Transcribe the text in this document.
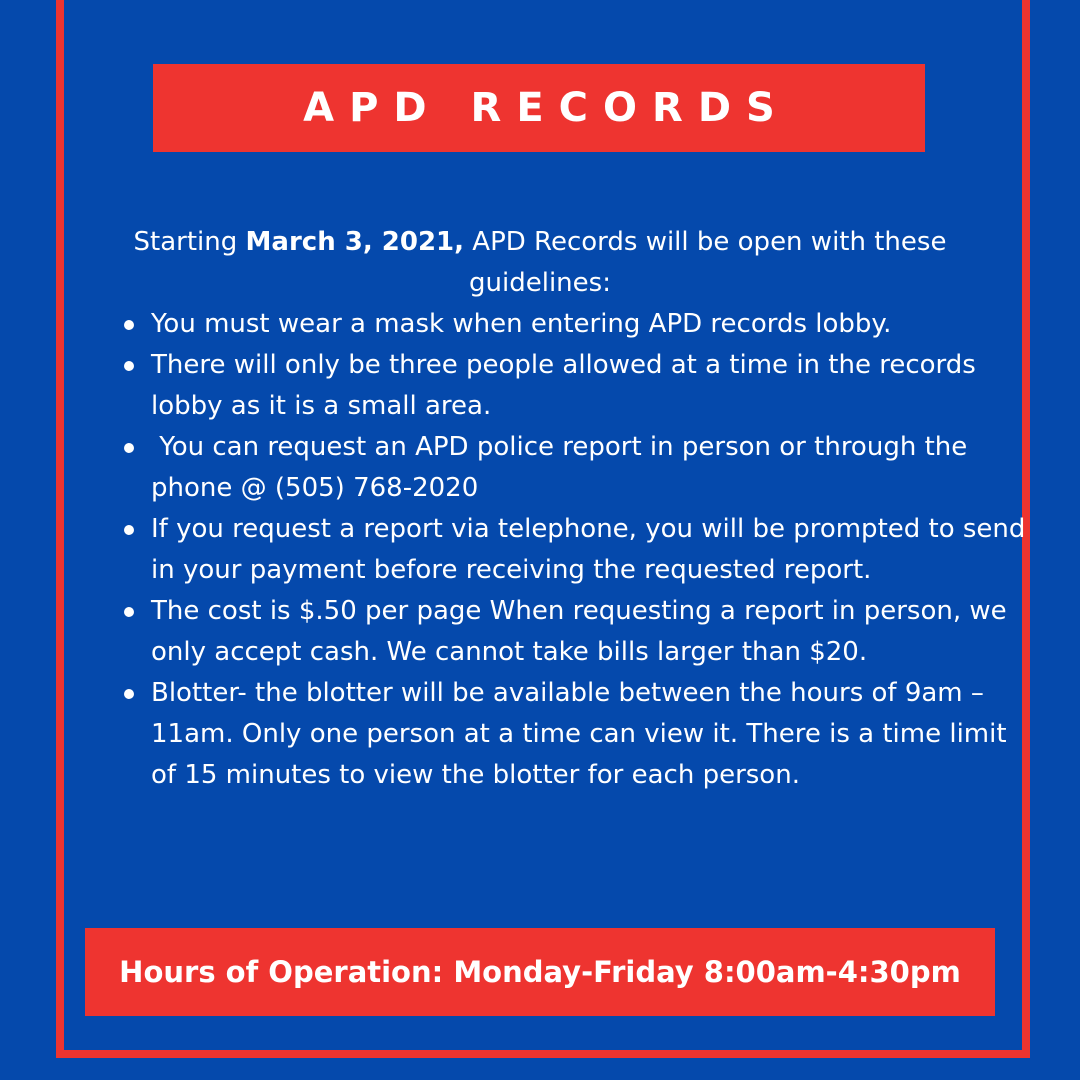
APD RECORDS
Starting March 3, 2021, APD Records will be open with these guidelines:
You must wear a mask when entering APD records lobby.
There will only be three people allowed at a time in the records lobby as it is a small area.
You can request an APD police report in person or through the phone @ (505) 768-2020
If you request a report via telephone, you will be prompted to send in your payment before receiving the requested report.
The cost is $.50 per page When requesting a report in person, we only accept cash. We cannot take bills larger than $20.
Blotter- the blotter will be available between the hours of 9am – 11am. Only one person at a time can view it. There is a time limit of 15 minutes to view the blotter for each person.
Hours of Operation: Monday-Friday 8:00am-4:30pm
